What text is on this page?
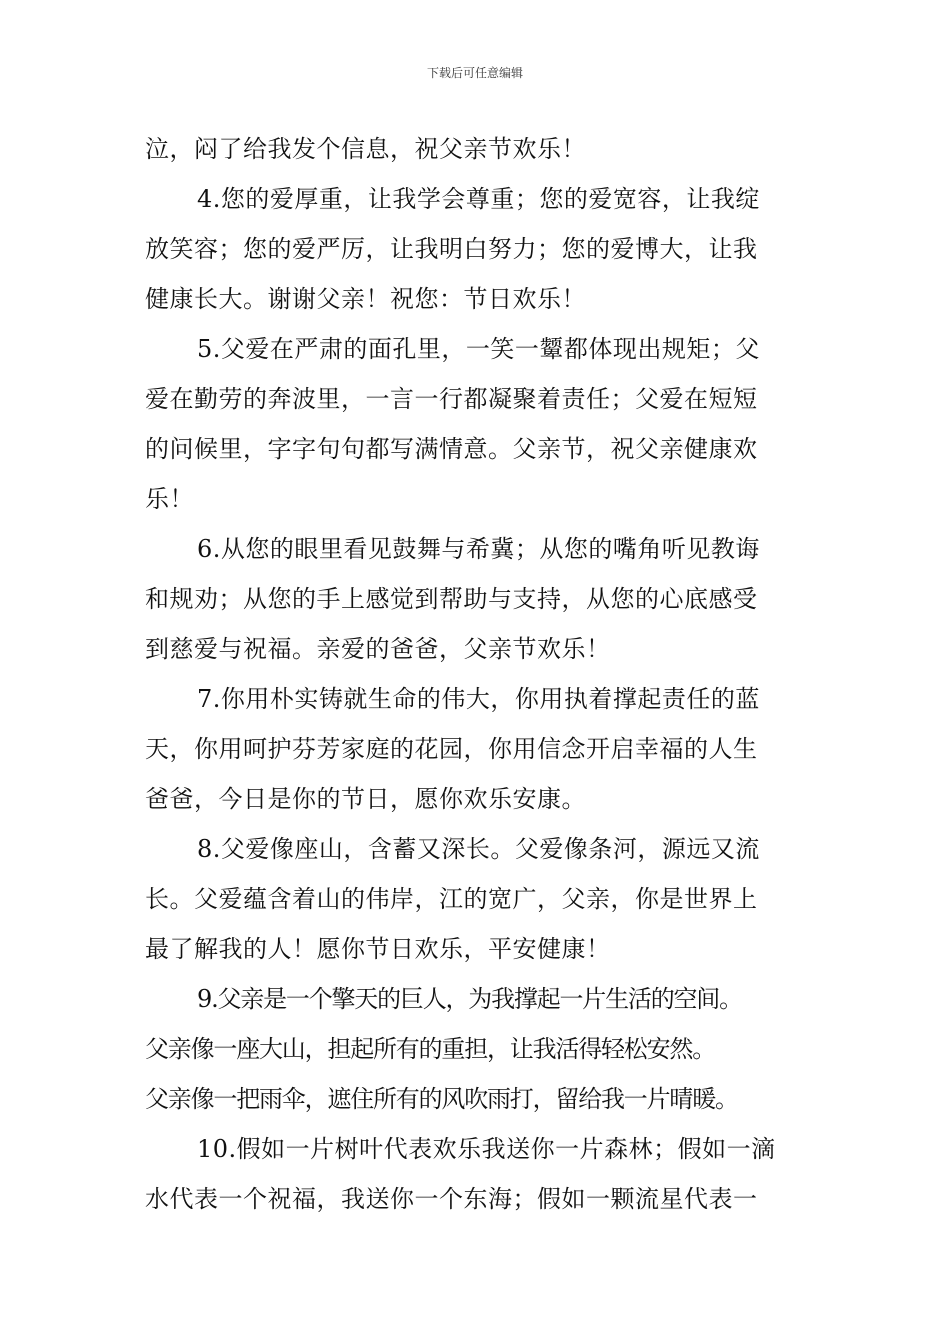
下载后可任意编辑

泣，闷了给我发个信息，祝父亲节欢乐！

4.您的爱厚重，让我学会尊重；您的爱宽容，让我绽
放笑容；您的爱严厉，让我明白努力；您的爱博大，让我
健康长大。谢谢父亲！祝您：节日欢乐！

5.父爱在严肃的面孔里，一笑一颦都体现出规矩；父
爱在勤劳的奔波里，一言一行都凝聚着责任；父爱在短短
的问候里，字字句句都写满情意。父亲节，祝父亲健康欢
乐！

6.从您的眼里看见鼓舞与希冀；从您的嘴角听见教诲
和规劝；从您的手上感觉到帮助与支持，从您的心底感受
到慈爱与祝福。亲爱的爸爸，父亲节欢乐！

7.你用朴实铸就生命的伟大，你用执着撑起责任的蓝
天，你用呵护芬芳家庭的花园，你用信念开启幸福的人生
爸爸，今日是你的节日，愿你欢乐安康。

8.父爱像座山，含蓄又深长。父爱像条河，源远又流
长。父爱蕴含着山的伟岸，江的宽广，父亲，你是世界上
最了解我的人！愿你节日欢乐，平安健康！

9.父亲是一个擎天的巨人，为我撑起一片生活的空间。
父亲像一座大山，担起所有的重担，让我活得轻松安然。
父亲像一把雨伞，遮住所有的风吹雨打，留给我一片晴暖。

10.假如一片树叶代表欢乐我送你一片森林；假如一滴
水代表一个祝福，我送你一个东海；假如一颗流星代表一
